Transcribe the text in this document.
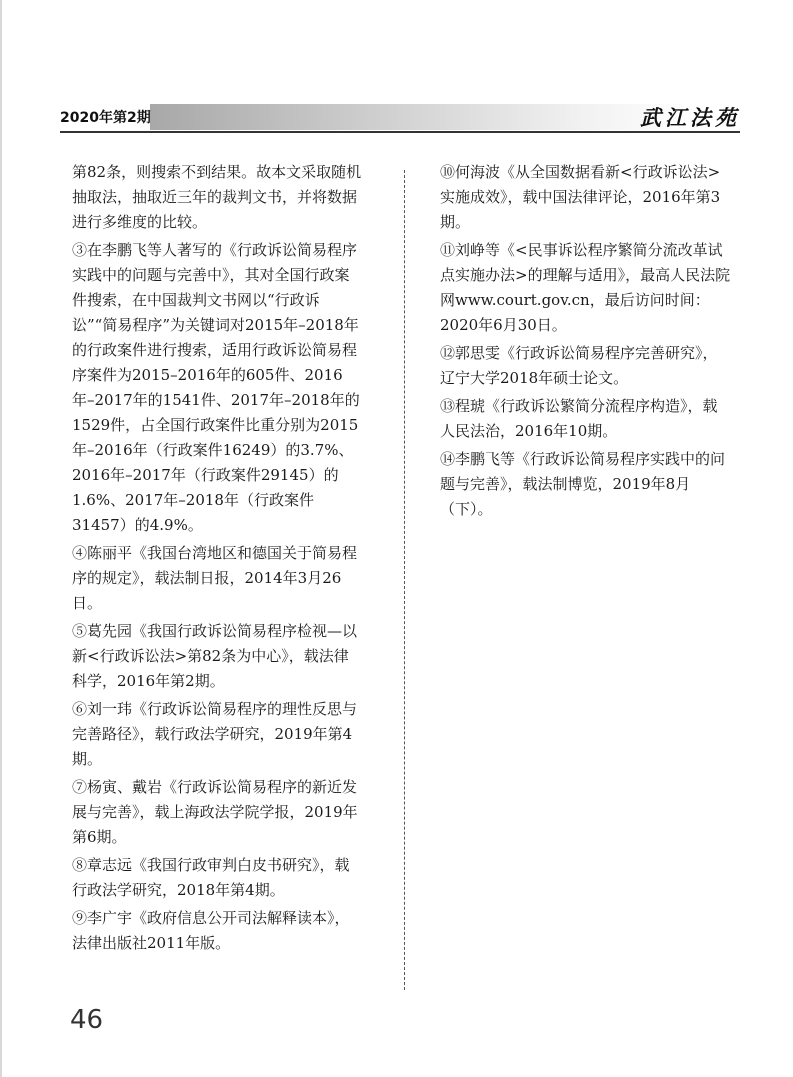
2020年第2期	武江法苑

第82条，则搜索不到结果。故本文采取随机抽取法，抽取近三年的裁判文书，并将数据进行多维度的比较。

③在李鹏飞等人著写的《行政诉讼简易程序实践中的问题与完善中》，其对全国行政案件搜索，在中国裁判文书网以“行政诉讼”“简易程序”为关键词对2015年–2018年的行政案件进行搜索，适用行政诉讼简易程序案件为2015–2016年的605件、2016年–2017年的1541件、2017年–2018年的1529件，占全国行政案件比重分别为2015年–2016年（行政案件16249）的3.7%、2016年–2017年（行政案件29145）的1.6%、2017年–2018年（行政案件31457）的4.9%。

④陈丽平《我国台湾地区和德国关于简易程序的规定》，载法制日报，2014年3月26日。

⑤葛先园《我国行政诉讼简易程序检视—以新<行政诉讼法>第82条为中心》，载法律科学，2016年第2期。

⑥刘一玮《行政诉讼简易程序的理性反思与完善路径》，载行政法学研究，2019年第4期。

⑦杨寅、戴岩《行政诉讼简易程序的新近发展与完善》，载上海政法学院学报，2019年第6期。

⑧章志远《我国行政审判白皮书研究》，载行政法学研究，2018年第4期。

⑨李广宇《政府信息公开司法解释读本》，法律出版社2011年版。

⑩何海波《从全国数据看新<行政诉讼法>实施成效》，载中国法律评论，2016年第3期。

⑪刘峥等《<民事诉讼程序繁简分流改革试点实施办法>的理解与适用》，最高人民法院网www.court.gov.cn，最后访问时间：2020年6月30日。

⑫郭思雯《行政诉讼简易程序完善研究》，辽宁大学2018年硕士论文。

⑬程琥《行政诉讼繁简分流程序构造》，载人民法治，2016年10期。

⑭李鹏飞等《行政诉讼简易程序实践中的问题与完善》，载法制博览，2019年8月（下）。

46
